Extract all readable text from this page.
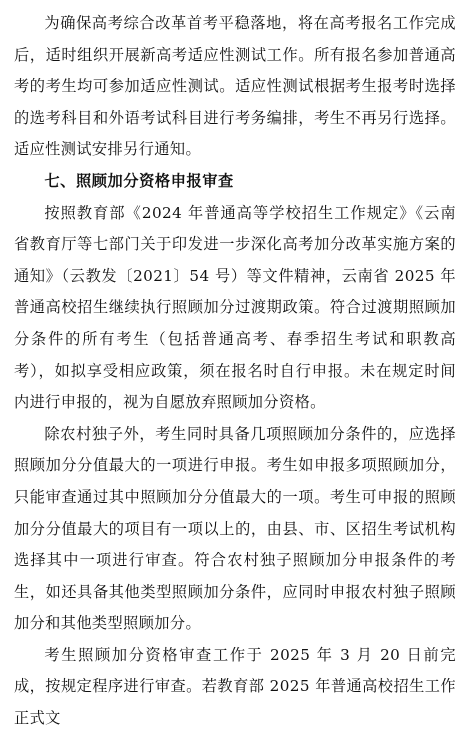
为确保高考综合改革首考平稳落地，将在高考报名工作完成后，适时组织开展新高考适应性测试工作。所有报名参加普通高考的考生均可参加适应性测试。适应性测试根据考生报考时选择的选考科目和外语考试科目进行考务编排，考生不再另行选择。适应性测试安排另行通知。

七、照顾加分资格申报审查

按照教育部《2024 年普通高等学校招生工作规定》《云南省教育厅等七部门关于印发进一步深化高考加分改革实施方案的通知》（云教发〔2021〕54 号）等文件精神，云南省 2025 年普通高校招生继续执行照顾加分过渡期政策。符合过渡期照顾加分条件的所有考生（包括普通高考、春季招生考试和职教高考），如拟享受相应政策，须在报名时自行申报。未在规定时间内进行申报的，视为自愿放弃照顾加分资格。

除农村独子外，考生同时具备几项照顾加分条件的，应选择照顾加分分值最大的一项进行申报。考生如申报多项照顾加分，只能审查通过其中照顾加分分值最大的一项。考生可申报的照顾加分分值最大的项目有一项以上的，由县、市、区招生考试机构选择其中一项进行审查。符合农村独子照顾加分申报条件的考生，如还具备其他类型照顾加分条件，应同时申报农村独子照顾加分和其他类型照顾加分。

考生照顾加分资格审查工作于 2025 年 3 月 20 日前完成，按规定程序进行审查。若教育部 2025 年普通高校招生工作正式文
